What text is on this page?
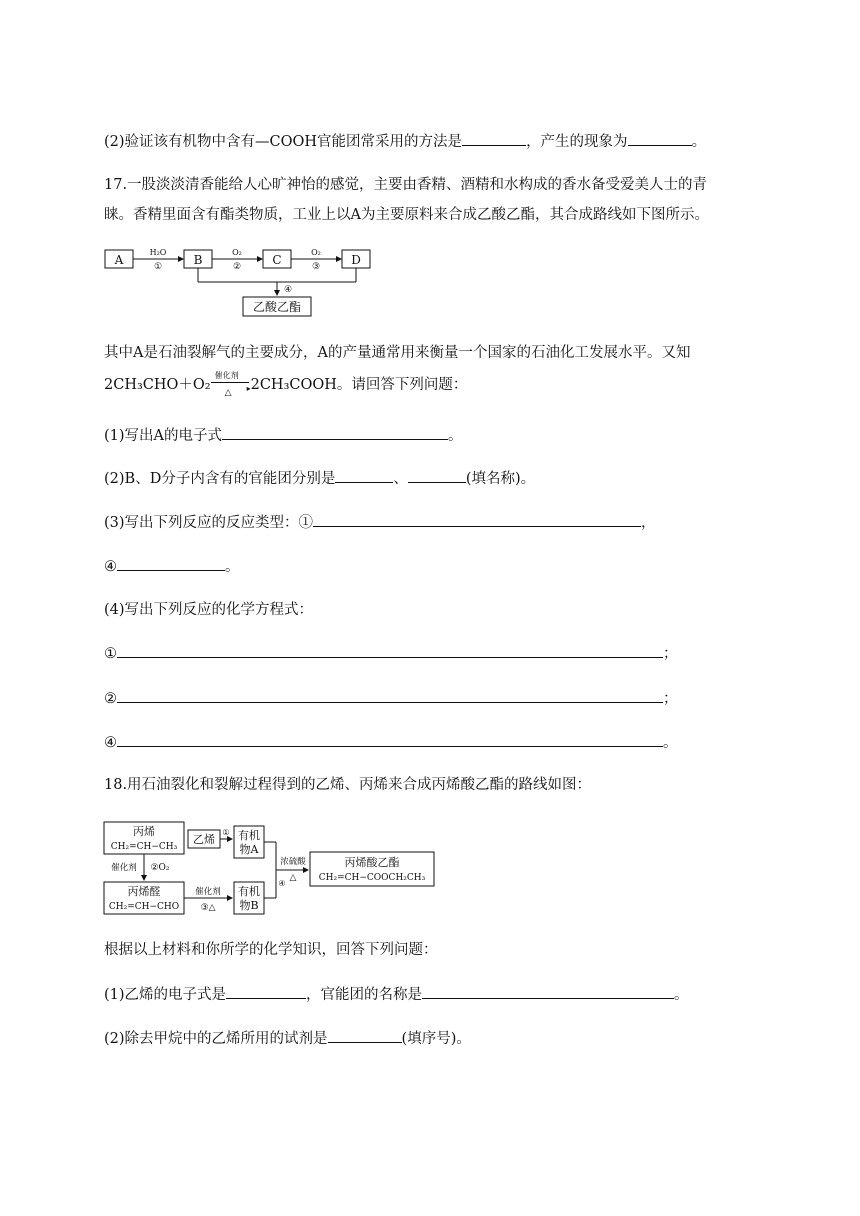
(2)验证该有机物中含有—COOH官能团常采用的方法是	，产生的现象为	。
17.一股淡淡清香能给人心旷神怡的感觉，主要由香精、酒精和水构成的香水备受爱美人士的青
睐。香精里面含有酯类物质，工业上以A为主要原料来合成乙酸乙酯，其合成路线如下图所示。
A	B	C	D
H₂O
①
O₂
②
O₂
③
④
乙酸乙酯
其中A是石油裂解气的主要成分，A的产量通常用来衡量一个国家的石油化工发展水平。又知
2CH₃CHO＋O₂
催化剂
▸
△ 2CH₃COOH。请回答下列问题：
(1)写出A的电子式	。
(2)B、D分子内含有的官能团分别是	、	(填名称)。
(3)写出下列反应的反应类型：①	，
④	。
(4)写出下列反应的化学方程式：
①	；
②	；
④	。
18.用石油裂化和裂解过程得到的乙烯、丙烯来合成丙烯酸乙酯的路线如图：
丙烯
CH₂=CH−CH₃
催化剂 ②O₂
丙烯醛
CH₂=CH−CHO
催化剂
③△
乙烯
① 有机
物A
有机
物B
浓硫酸
△
④
丙烯酸乙酯
CH₂=CH−COOCH₂CH₃
根据以上材料和你所学的化学知识，回答下列问题：
(1)乙烯的电子式是	，官能团的名称是	。
(2)除去甲烷中的乙烯所用的试剂是	(填序号)。
